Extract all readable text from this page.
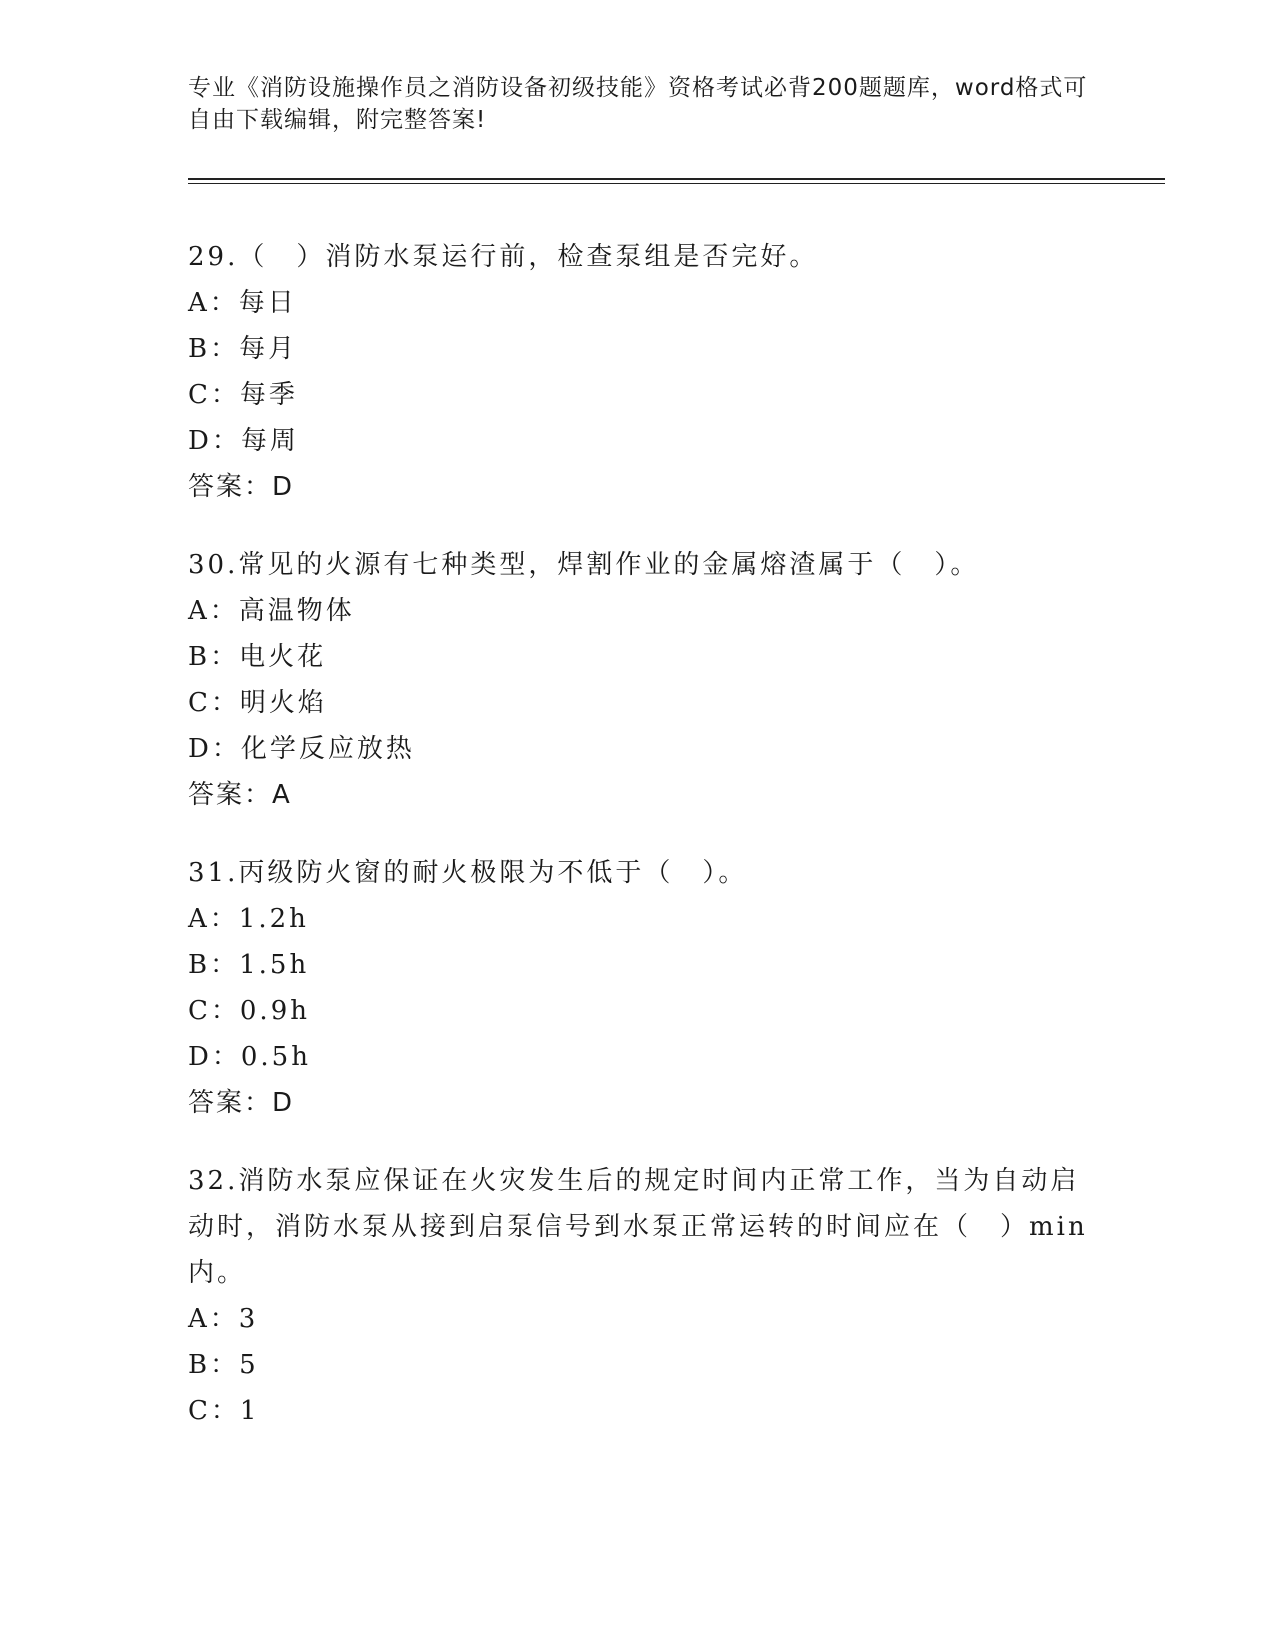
专业《消防设施操作员之消防设备初级技能》资格考试必背200题题库，word格式可自由下载编辑，附完整答案!
29.（　）消防水泵运行前，检查泵组是否完好。
A：每日
B：每月
C：每季
D：每周
答案：D
30.常见的火源有七种类型，焊割作业的金属熔渣属于（　）。
A：高温物体
B：电火花
C：明火焰
D：化学反应放热
答案：A
31.丙级防火窗的耐火极限为不低于（　）。
A：1.2h
B：1.5h
C：0.9h
D：0.5h
答案：D
32.消防水泵应保证在火灾发生后的规定时间内正常工作，当为自动启动时，消防水泵从接到启泵信号到水泵正常运转的时间应在（　）min内。
A：3
B：5
C：1
